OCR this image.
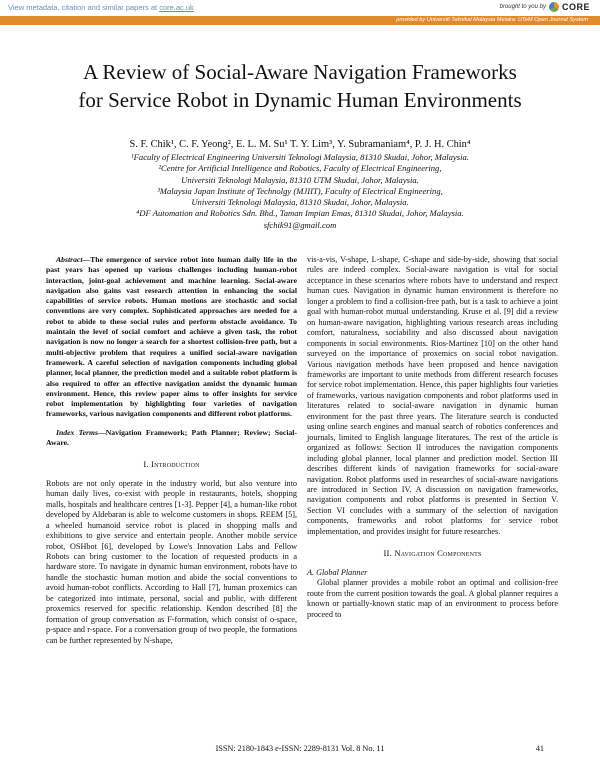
View metadata, citation and similar papers at core.ac.uk	brought to you by CORE
provided by Universiti Teknikal Malaysia Melaka: UTeM Open Journal System
A Review of Social-Aware Navigation Frameworks
for Service Robot in Dynamic Human Environments
S. F. Chik¹, C. F. Yeong², E. L. M. Su¹ T. Y. Lim³, Y. Subramaniam⁴, P. J. H. Chin⁴
¹Faculty of Electrical Engineering Universiti Teknologi Malaysia, 81310 Skudai, Johor, Malaysia.
²Centre for Artificial Intelligence and Robotics, Faculty of Electrical Engineering,
Universiti Teknologi Malaysia, 81310 UTM Skudai, Johor, Malaysia.
³Malaysia Japan Institute of Technolgy (MJIIT), Faculty of Electrical Engineering,
Universiti Teknologi Malaysia, 81310 Skudai, Johor, Malaysia.
⁴DF Automation and Robotics Sdn. Bhd., Taman Impian Emas, 81310 Skudai, Johor, Malaysia.
sfchik91@gmail.com
Abstract—The emergence of service robot into human daily life in the past years has opened up various challenges including human-robot interaction, joint-goal achievement and machine learning. Social-aware navigation also gains vast research attention in enhancing the social capabilities of service robots. Human motions are stochastic and social conventions are very complex. Sophisticated approaches are needed for a robot to abide to these social rules and perform obstacle avoidance. To maintain the level of social comfort and achieve a given task, the robot navigation is now no longer a search for a shortest collision-free path, but a multi-objective problem that requires a unified social-aware navigation framework. A careful selection of navigation components including global planner, local planner, the prediction model and a suitable robot platform is also required to offer an effective navigation amidst the dynamic human environment. Hence, this review paper aims to offer insights for service robot implementation by highlighting four varieties of navigation frameworks, various navigation components and different robot platforms.
Index Terms—Navigation Framework; Path Planner; Review; Social-Aware.
I. Introduction

Robots are not only operate in the industry world, but also venture into human daily lives, co-exist with people in restaurants, hotels, shopping malls, hospitals and healthcare centres [1-3]. Pepper [4], a human-like robot developed by Aldebaran is able to welcome customers in shops. REEM [5], a wheeled humanoid service robot is placed in shopping malls and exhibitions to give service and entertain people. Another mobile service robot, OSHbot [6], developed by Lowe's Innovation Labs and Fellow Robots can bring customer to the location of requested products in a hardware store. To navigate in dynamic human environment, robots have to handle the stochastic human motion and abide the social conventions to avoid human-robot conflicts. According to Hall [7], human proxemics can be categorized into intimate, personal, social and public, with different proxemics reserved for specific relationship. Kendon described [8] the formation of group conversation as F-formation, which consist of o-space, p-space and r-space. For a conversation group of two people, the formations can be further represented by N-shape,

vis-a-vis, V-shape, L-shape, C-shape and side-by-side, showing that social rules are indeed complex. Social-aware navigation is vital for social acceptance in these scenarios where robots have to understand and respect human cues. Navigation in dynamic human environment is therefore no longer a problem to find a collision-free path, but is a task to achieve a joint goal with human-robot mutual understanding. Kruse et al. [9] did a review on human-aware navigation, highlighting various research areas including comfort, naturalness, sociability and also discussed about navigation components in social environments. Rios-Martinez [10] on the other hand surveyed on the importance of proxemics on social robot navigation. Various navigation methods have been proposed and hence navigation frameworks are important to unite methods from different research focuses for service robot implementation. Hence, this paper highlights four varieties of frameworks, various navigation components and robot platforms used in literatures related to social-aware navigation in dynamic human environment for the past three years. The literature search is conducted using online search engines and manual search of robotics conferences and journals, limited to English language literatures. The rest of the article is organized as follows: Section II introduces the navigation components including global planner, local planner and prediction model. Section III describes different kinds of navigation frameworks for social-aware navigation. Robot platforms used in researches of social-aware navigations are introduced in Section IV. A discussion on navigation frameworks, navigation components and robot platforms is presented in Section V. Section VI concludes with a summary of the selection of navigation components, frameworks and robot platforms for service robot implementation, and provides insight for future researches.

II. Navigation Components
A. Global Planner

Global planner provides a mobile robot an optimal and collision-free route from the current position towards the goal. A global planner requires a known or partially-known static map of an environment to process before proceed to

ISSN: 2180-1843 e-ISSN: 2289-8131 Vol. 8 No. 11	41
